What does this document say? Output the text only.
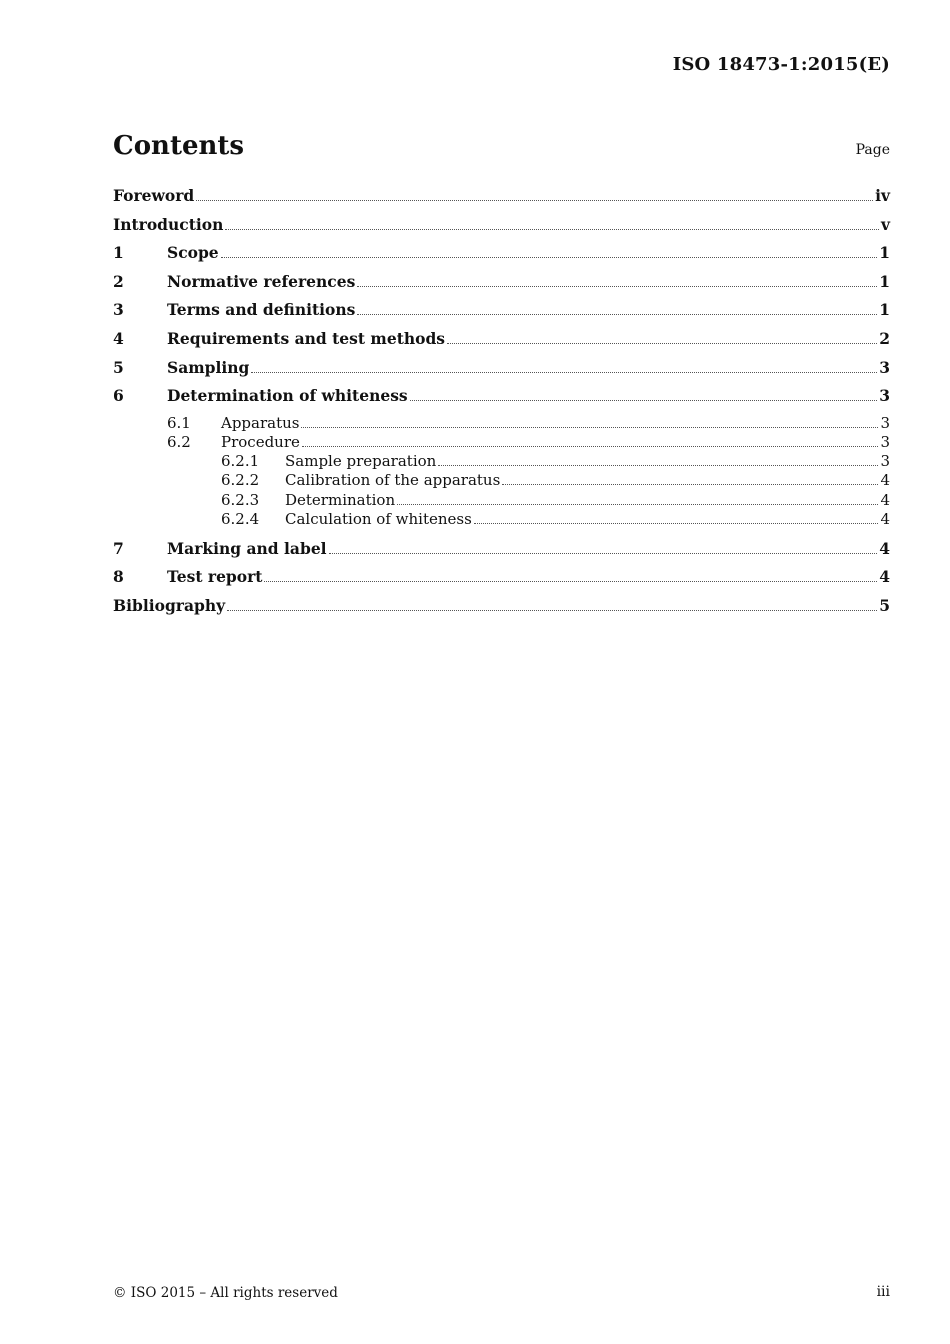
ISO 18473-1:2015(E)
Contents	Page
Foreword	iv
Introduction	v
1	Scope	1
2	Normative references	1
3	Terms and definitions	1
4	Requirements and test methods	2
5	Sampling	3
6	Determination of whiteness	3
6.1	Apparatus	3
6.2	Procedure	3
6.2.1	Sample preparation	3
6.2.2	Calibration of the apparatus	4
6.2.3	Determination	4
6.2.4	Calculation of whiteness	4
7	Marking and label	4
8	Test report	4
Bibliography	5
© ISO 2015 – All rights reserved	iii
